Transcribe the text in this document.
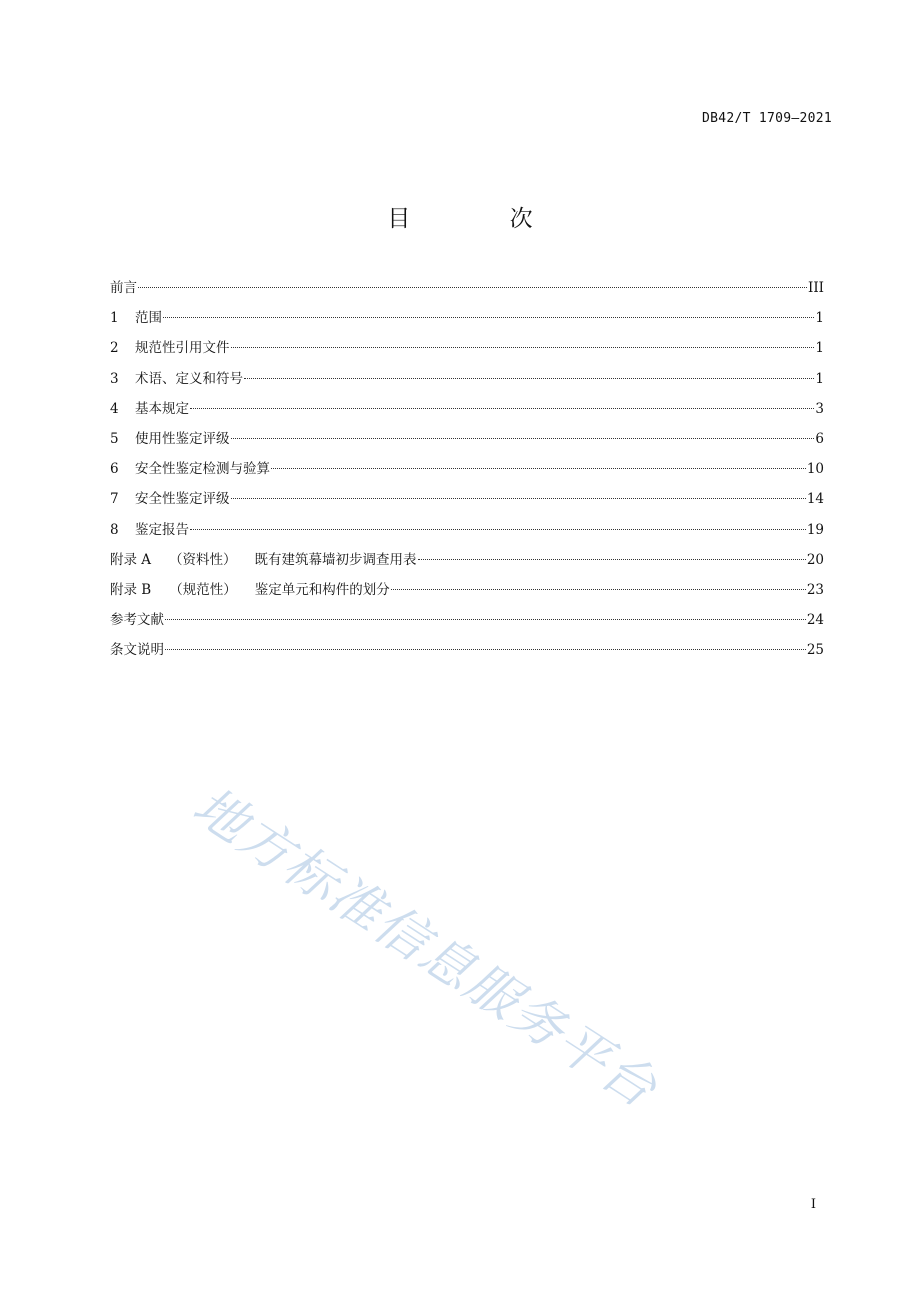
DB42/T 1709—2021
目 次
前言	III
1 范围	1
2 规范性引用文件	1
3 术语、定义和符号	1
4 基本规定	3
5 使用性鉴定评级	6
6 安全性鉴定检测与验算	10
7 安全性鉴定评级	14
8 鉴定报告	19
附录 A （资料性） 既有建筑幕墙初步调查用表	20
附录 B （规范性） 鉴定单元和构件的划分	23
参考文献	24
条文说明	25
地方标准信息服务平台
I
